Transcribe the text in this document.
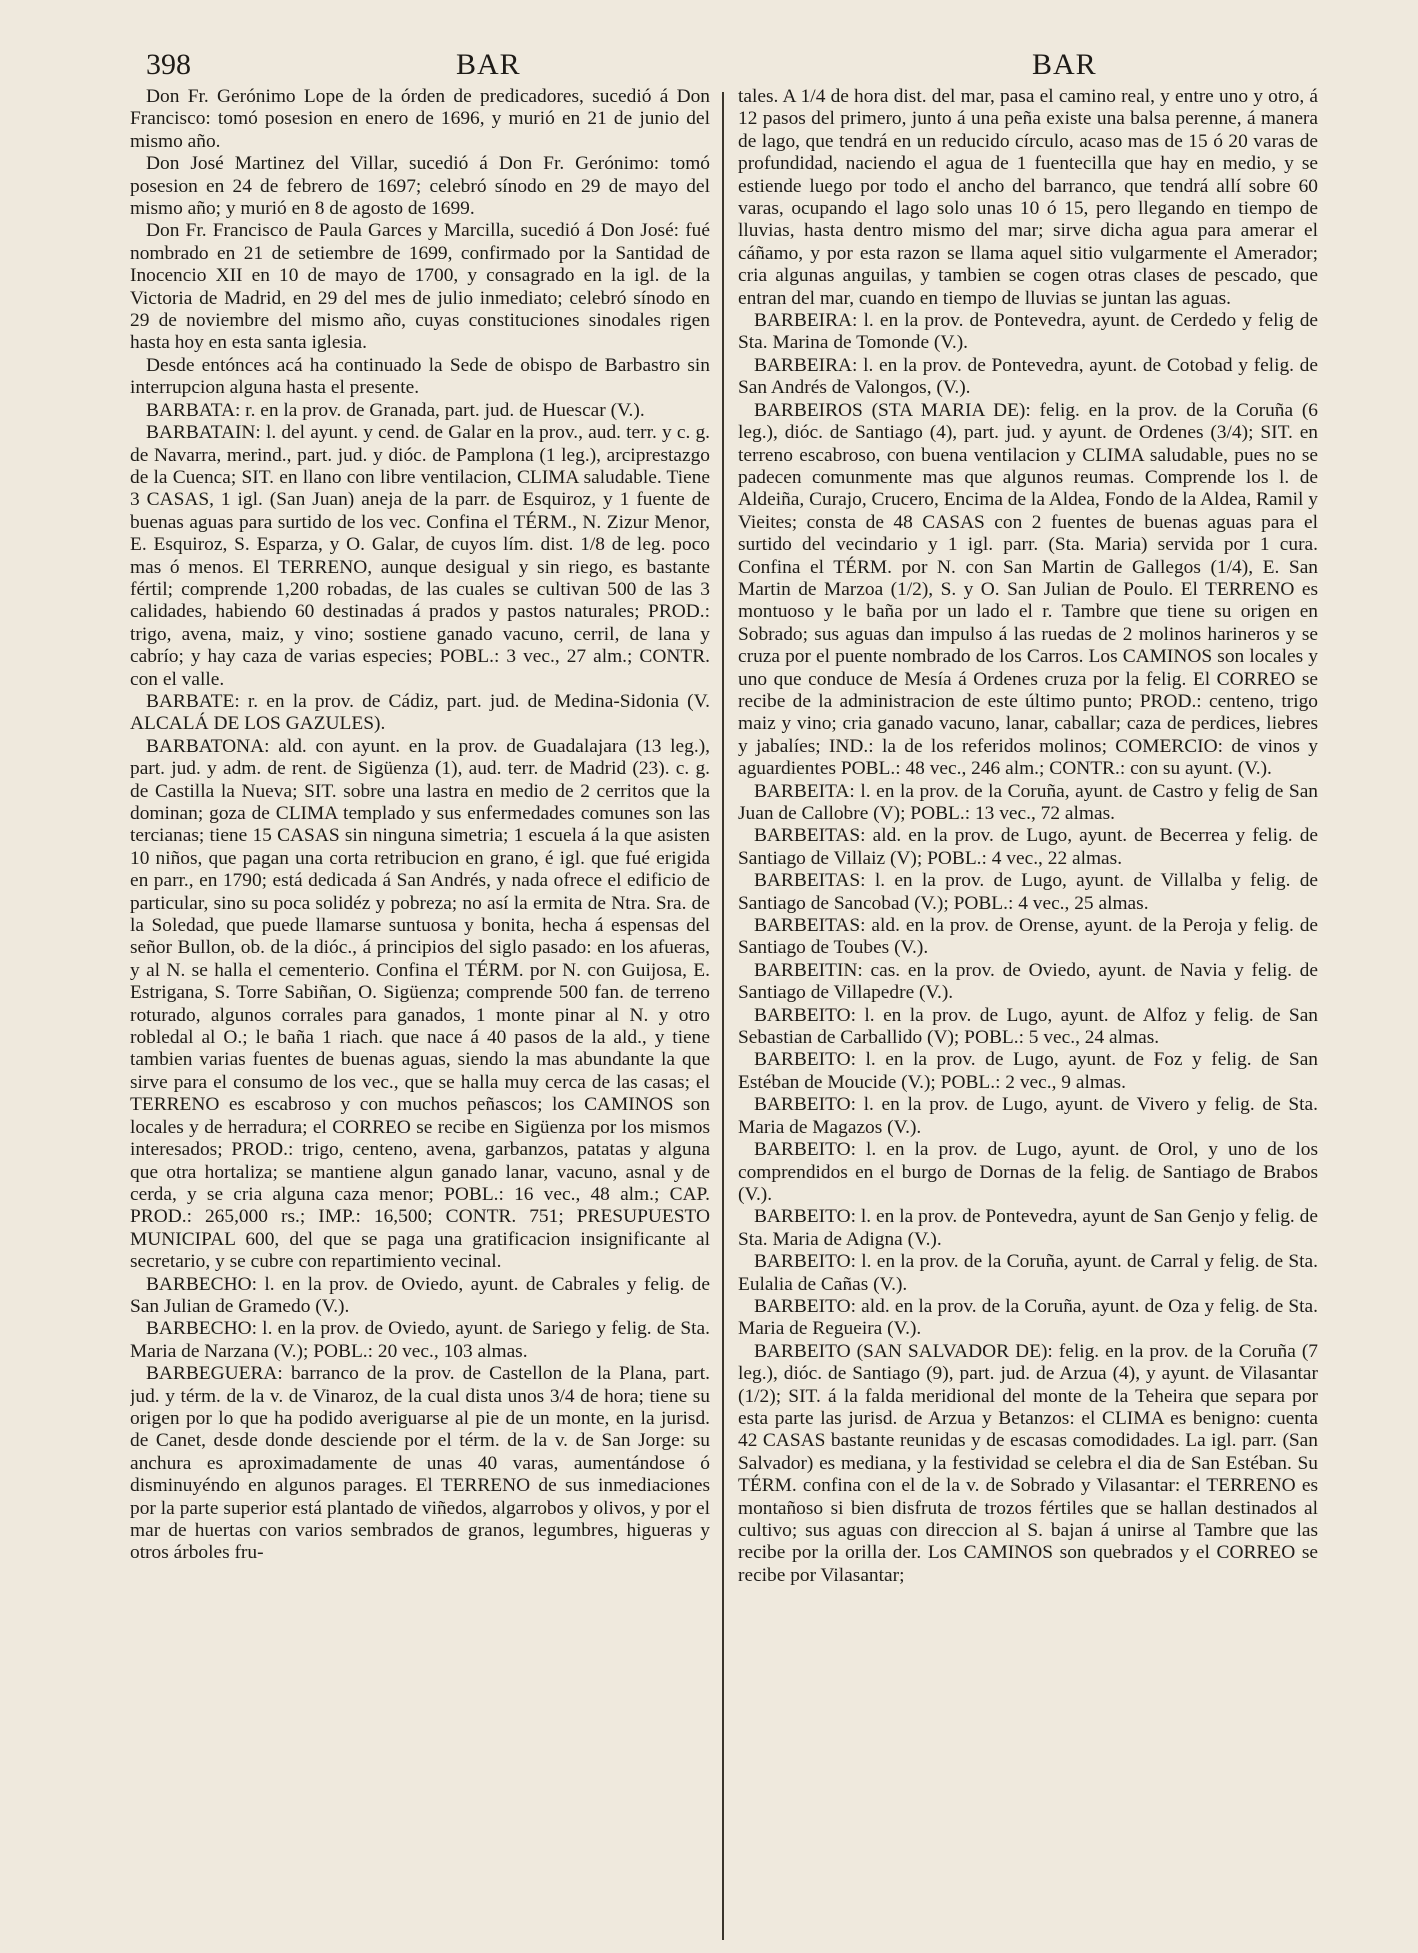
398	BAR	BAR

Don Fr. Gerónimo Lope de la órden de predicadores, sucedió á Don Francisco: tomó posesion en enero de 1696, y murió en 21 de junio del mismo año.

Don José Martinez del Villar, sucedió á Don Fr. Gerónimo: tomó posesion en 24 de febrero de 1697; celebró sínodo en 29 de mayo del mismo año; y murió en 8 de agosto de 1699.

Don Fr. Francisco de Paula Garces y Marcilla, sucedió á Don José: fué nombrado en 21 de setiembre de 1699, confirmado por la Santidad de Inocencio XII en 10 de mayo de 1700, y consagrado en la igl. de la Victoria de Madrid, en 29 del mes de julio inmediato; celebró sínodo en 29 de noviembre del mismo año, cuyas constituciones sinodales rigen hasta hoy en esta santa iglesia.

Desde entónces acá ha continuado la Sede de obispo de Barbastro sin interrupcion alguna hasta el presente.

BARBATA: r. en la prov. de Granada, part. jud. de Huescar (V.).

BARBATAIN: l. del ayunt. y cend. de Galar en la prov., aud. terr. y c. g. de Navarra, merind., part. jud. y dióc. de Pamplona (1 leg.), arciprestazgo de la Cuenca; SIT. en llano con libre ventilacion, CLIMA saludable. Tiene 3 CASAS, 1 igl. (San Juan) aneja de la parr. de Esquiroz, y 1 fuente de buenas aguas para surtido de los vec. Confina el TÉRM., N. Zizur Menor, E. Esquiroz, S. Esparza, y O. Galar, de cuyos lím. dist. 1/8 de leg. poco mas ó menos. El TERRENO, aunque desigual y sin riego, es bastante fértil; comprende 1,200 robadas, de las cuales se cultivan 500 de las 3 calidades, habiendo 60 destinadas á prados y pastos naturales; PROD.: trigo, avena, maiz, y vino; sostiene ganado vacuno, cerril, de lana y cabrío; y hay caza de varias especies; POBL.: 3 vec., 27 alm.; CONTR. con el valle.

BARBATE: r. en la prov. de Cádiz, part. jud. de Medina-Sidonia (V. ALCALÁ DE LOS GAZULES).

BARBATONA: ald. con ayunt. en la prov. de Guadalajara (13 leg.), part. jud. y adm. de rent. de Sigüenza (1), aud. terr. de Madrid (23). c. g. de Castilla la Nueva; SIT. sobre una lastra en medio de 2 cerritos que la dominan; goza de CLIMA templado y sus enfermedades comunes son las tercianas; tiene 15 CASAS sin ninguna simetria; 1 escuela á la que asisten 10 niños, que pagan una corta retribucion en grano, é igl. que fué erigida en parr., en 1790; está dedicada á San Andrés, y nada ofrece el edificio de particular, sino su poca solidéz y pobreza; no así la ermita de Ntra. Sra. de la Soledad, que puede llamarse suntuosa y bonita, hecha á espensas del señor Bullon, ob. de la dióc., á principios del siglo pasado: en los afueras, y al N. se halla el cementerio. Confina el TÉRM. por N. con Guijosa, E. Estrigana, S. Torre Sabiñan, O. Sigüenza; comprende 500 fan. de terreno roturado, algunos corrales para ganados, 1 monte pinar al N. y otro robledal al O.; le baña 1 riach. que nace á 40 pasos de la ald., y tiene tambien varias fuentes de buenas aguas, siendo la mas abundante la que sirve para el consumo de los vec., que se halla muy cerca de las casas; el TERRENO es escabroso y con muchos peñascos; los CAMINOS son locales y de herradura; el CORREO se recibe en Sigüenza por los mismos interesados; PROD.: trigo, centeno, avena, garbanzos, patatas y alguna que otra hortaliza; se mantiene algun ganado lanar, vacuno, asnal y de cerda, y se cria alguna caza menor; POBL.: 16 vec., 48 alm.; CAP. PROD.: 265,000 rs.; IMP.: 16,500; CONTR. 751; PRESUPUESTO MUNICIPAL 600, del que se paga una gratificacion insignificante al secretario, y se cubre con repartimiento vecinal.

BARBECHO: l. en la prov. de Oviedo, ayunt. de Cabrales y felig. de San Julian de Gramedo (V.).

BARBECHO: l. en la prov. de Oviedo, ayunt. de Sariego y felig. de Sta. Maria de Narzana (V.); POBL.: 20 vec., 103 almas.

BARBEGUERA: barranco de la prov. de Castellon de la Plana, part. jud. y térm. de la v. de Vinaroz, de la cual dista unos 3/4 de hora; tiene su origen por lo que ha podido averiguarse al pie de un monte, en la jurisd. de Canet, desde donde desciende por el térm. de la v. de San Jorge: su anchura es aproximadamente de unas 40 varas, aumentándose ó disminuyéndo en algunos parages. El TERRENO de sus inmediaciones por la parte superior está plantado de viñedos, algarrobos y olivos, y por el mar de huertas con varios sembrados de granos, legumbres, higueras y otros árboles fru-

tales. A 1/4 de hora dist. del mar, pasa el camino real, y entre uno y otro, á 12 pasos del primero, junto á una peña existe una balsa perenne, á manera de lago, que tendrá en un reducido círculo, acaso mas de 15 ó 20 varas de profundidad, naciendo el agua de 1 fuentecilla que hay en medio, y se estiende luego por todo el ancho del barranco, que tendrá allí sobre 60 varas, ocupando el lago solo unas 10 ó 15, pero llegando en tiempo de lluvias, hasta dentro mismo del mar; sirve dicha agua para amerar el cáñamo, y por esta razon se llama aquel sitio vulgarmente el Amerador; cria algunas anguilas, y tambien se cogen otras clases de pescado, que entran del mar, cuando en tiempo de lluvias se juntan las aguas.

BARBEIRA: l. en la prov. de Pontevedra, ayunt. de Cerdedo y felig de Sta. Marina de Tomonde (V.).

BARBEIRA: l. en la prov. de Pontevedra, ayunt. de Cotobad y felig. de San Andrés de Valongos, (V.).

BARBEIROS (STA MARIA DE): felig. en la prov. de la Coruña (6 leg.), dióc. de Santiago (4), part. jud. y ayunt. de Ordenes (3/4); SIT. en terreno escabroso, con buena ventilacion y CLIMA saludable, pues no se padecen comunmente mas que algunos reumas. Comprende los l. de Aldeiña, Curajo, Crucero, Encima de la Aldea, Fondo de la Aldea, Ramil y Vieites; consta de 48 CASAS con 2 fuentes de buenas aguas para el surtido del vecindario y 1 igl. parr. (Sta. Maria) servida por 1 cura. Confina el TÉRM. por N. con San Martin de Gallegos (1/4), E. San Martin de Marzoa (1/2), S. y O. San Julian de Poulo. El TERRENO es montuoso y le baña por un lado el r. Tambre que tiene su origen en Sobrado; sus aguas dan impulso á las ruedas de 2 molinos harineros y se cruza por el puente nombrado de los Carros. Los CAMINOS son locales y uno que conduce de Mesía á Ordenes cruza por la felig. El CORREO se recibe de la administracion de este último punto; PROD.: centeno, trigo maiz y vino; cria ganado vacuno, lanar, caballar; caza de perdices, liebres y jabalíes; IND.: la de los referidos molinos; COMERCIO: de vinos y aguardientes POBL.: 48 vec., 246 alm.; CONTR.: con su ayunt. (V.).

BARBEITA: l. en la prov. de la Coruña, ayunt. de Castro y felig de San Juan de Callobre (V); POBL.: 13 vec., 72 almas.

BARBEITAS: ald. en la prov. de Lugo, ayunt. de Becerrea y felig. de Santiago de Villaiz (V); POBL.: 4 vec., 22 almas.

BARBEITAS: l. en la prov. de Lugo, ayunt. de Villalba y felig. de Santiago de Sancobad (V.); POBL.: 4 vec., 25 almas.

BARBEITAS: ald. en la prov. de Orense, ayunt. de la Peroja y felig. de Santiago de Toubes (V.).

BARBEITIN: cas. en la prov. de Oviedo, ayunt. de Navia y felig. de Santiago de Villapedre (V.).

BARBEITO: l. en la prov. de Lugo, ayunt. de Alfoz y felig. de San Sebastian de Carballido (V); POBL.: 5 vec., 24 almas.

BARBEITO: l. en la prov. de Lugo, ayunt. de Foz y felig. de San Estéban de Moucide (V.); POBL.: 2 vec., 9 almas.

BARBEITO: l. en la prov. de Lugo, ayunt. de Vivero y felig. de Sta. Maria de Magazos (V.).

BARBEITO: l. en la prov. de Lugo, ayunt. de Orol, y uno de los comprendidos en el burgo de Dornas de la felig. de Santiago de Brabos (V.).

BARBEITO: l. en la prov. de Pontevedra, ayunt de San Genjo y felig. de Sta. Maria de Adigna (V.).

BARBEITO: l. en la prov. de la Coruña, ayunt. de Carral y felig. de Sta. Eulalia de Cañas (V.).

BARBEITO: ald. en la prov. de la Coruña, ayunt. de Oza y felig. de Sta. Maria de Regueira (V.).

BARBEITO (SAN SALVADOR DE): felig. en la prov. de la Coruña (7 leg.), dióc. de Santiago (9), part. jud. de Arzua (4), y ayunt. de Vilasantar (1/2); SIT. á la falda meridional del monte de la Teheira que separa por esta parte las jurisd. de Arzua y Betanzos: el CLIMA es benigno: cuenta 42 CASAS bastante reunidas y de escasas comodidades. La igl. parr. (San Salvador) es mediana, y la festividad se celebra el dia de San Estéban. Su TÉRM. confina con el de la v. de Sobrado y Vilasantar: el TERRENO es montañoso si bien disfruta de trozos fértiles que se hallan destinados al cultivo; sus aguas con direccion al S. bajan á unirse al Tambre que las recibe por la orilla der. Los CAMINOS son quebrados y el CORREO se recibe por Vilasantar;
